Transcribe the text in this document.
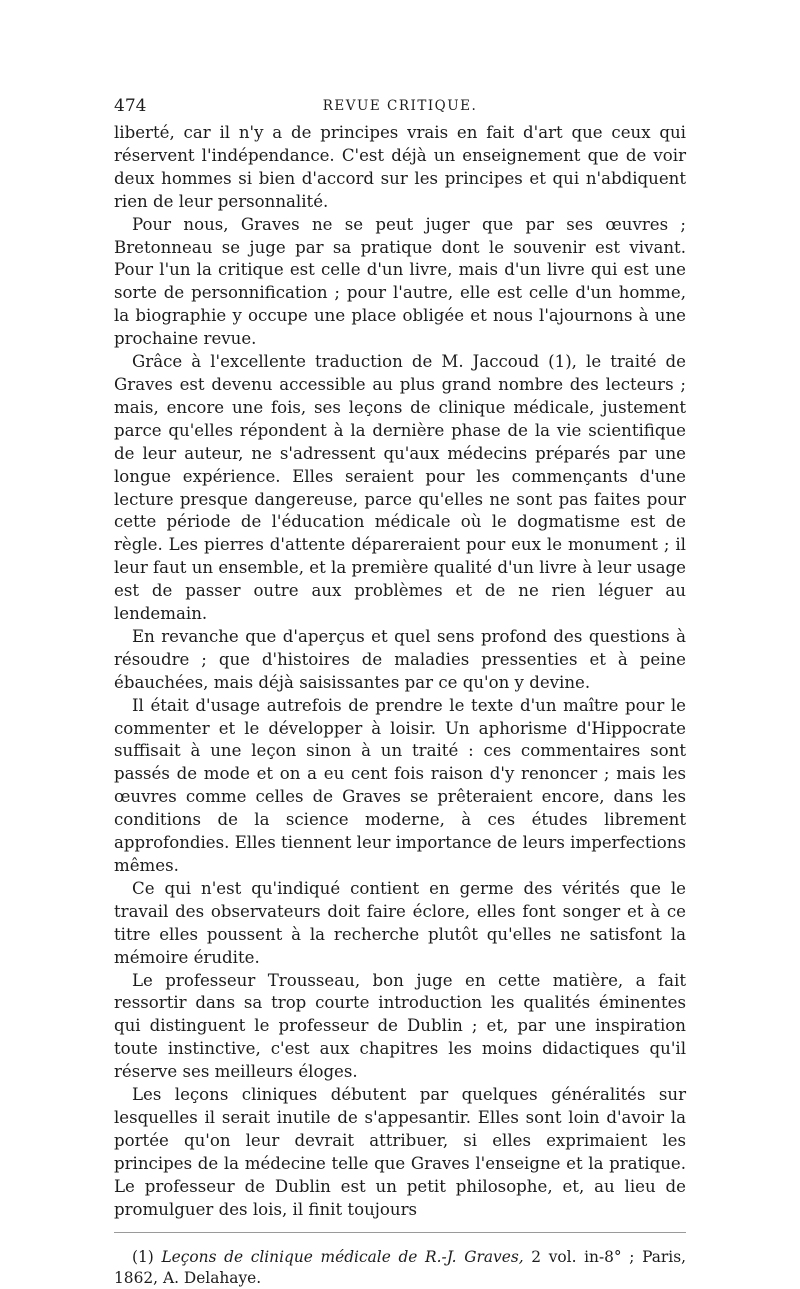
474	REVUE CRITIQUE.

liberté, car il n'y a de principes vrais en fait d'art que ceux qui réservent l'indépendance. C'est déjà un enseignement que de voir deux hommes si bien d'accord sur les principes et qui n'abdiquent rien de leur personnalité.

Pour nous, Graves ne se peut juger que par ses œuvres ; Bretonneau se juge par sa pratique dont le souvenir est vivant. Pour l'un la critique est celle d'un livre, mais d'un livre qui est une sorte de personnification ; pour l'autre, elle est celle d'un homme, la biographie y occupe une place obligée et nous l'ajournons à une prochaine revue.

Grâce à l'excellente traduction de M. Jaccoud (1), le traité de Graves est devenu accessible au plus grand nombre des lecteurs ; mais, encore une fois, ses leçons de clinique médicale, justement parce qu'elles répondent à la dernière phase de la vie scientifique de leur auteur, ne s'adressent qu'aux médecins préparés par une longue expérience. Elles seraient pour les commençants d'une lecture presque dangereuse, parce qu'elles ne sont pas faites pour cette période de l'éducation médicale où le dogmatisme est de règle. Les pierres d'attente dépareraient pour eux le monument ; il leur faut un ensemble, et la première qualité d'un livre à leur usage est de passer outre aux problèmes et de ne rien léguer au lendemain.

En revanche que d'aperçus et quel sens profond des questions à résoudre ; que d'histoires de maladies pressenties et à peine ébauchées, mais déjà saisissantes par ce qu'on y devine.

Il était d'usage autrefois de prendre le texte d'un maître pour le commenter et le développer à loisir. Un aphorisme d'Hippocrate suffisait à une leçon sinon à un traité : ces commentaires sont passés de mode et on a eu cent fois raison d'y renoncer ; mais les œuvres comme celles de Graves se prêteraient encore, dans les conditions de la science moderne, à ces études librement approfondies. Elles tiennent leur importance de leurs imperfections mêmes.

Ce qui n'est qu'indiqué contient en germe des vérités que le travail des observateurs doit faire éclore, elles font songer et à ce titre elles poussent à la recherche plutôt qu'elles ne satisfont la mémoire érudite.

Le professeur Trousseau, bon juge en cette matière, a fait ressortir dans sa trop courte introduction les qualités éminentes qui distinguent le professeur de Dublin ; et, par une inspiration toute instinctive, c'est aux chapitres les moins didactiques qu'il réserve ses meilleurs éloges.

Les leçons cliniques débutent par quelques généralités sur lesquelles il serait inutile de s'appesantir. Elles sont loin d'avoir la portée qu'on leur devrait attribuer, si elles exprimaient les principes de la médecine telle que Graves l'enseigne et la pratique. Le professeur de Dublin est un petit philosophe, et, au lieu de promulguer des lois, il finit toujours

(1) Leçons de clinique médicale de R.-J. Graves, 2 vol. in-8° ; Paris, 1862, A. Delahaye.
